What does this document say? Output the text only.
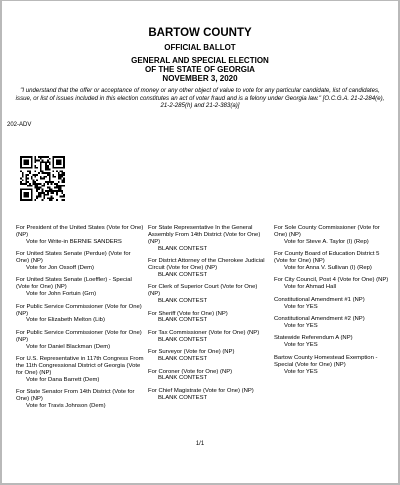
BARTOW COUNTY
OFFICIAL BALLOT
GENERAL AND SPECIAL ELECTION
OF THE STATE OF GEORGIA
NOVEMBER 3, 2020
"I understand that the offer or acceptance of money or any other object of value to vote for any particular candidate, list of candidates, issue, or list of issues included in this election constitutes an act of voter fraud and is a felony under Georgia law." [O.C.G.A. 21-2-284(e), 21-2-285(h) and 21-2-383(a)]
202-ADV
For President of the United States (Vote for One) (NP)
Vote for Write-in BERNIE SANDERS
For United States Senate (Perdue) (Vote for One) (NP)
Vote for Jon Ossoff (Dem)
For United States Senate (Loeffler) - Special (Vote for One) (NP)
Vote for John Fortuin (Grn)
For Public Service Commissioner (Vote for One) (NP)
Vote for Elizabeth Melton (Lib)
For Public Service Commissioner (Vote for One) (NP)
Vote for Daniel Blackman (Dem)
For U.S. Representative in 117th Congress From the 11th Congressional District of Georgia (Vote for One) (NP)
Vote for Dana Barrett (Dem)
For State Senator From 14th District (Vote for One) (NP)
Vote for Travis Johnson (Dem)
For State Representative In the General Assembly From 14th District (Vote for One) (NP)
BLANK CONTEST
For District Attorney of the Cherokee Judicial Circuit (Vote for One) (NP)
BLANK CONTEST
For Clerk of Superior Court (Vote for One) (NP)
BLANK CONTEST
For Sheriff (Vote for One) (NP)
BLANK CONTEST
For Tax Commissioner (Vote for One) (NP)
BLANK CONTEST
For Surveyor (Vote for One) (NP)
BLANK CONTEST
For Coroner (Vote for One) (NP)
BLANK CONTEST
For Chief Magistrate (Vote for One) (NP)
BLANK CONTEST
For Sole County Commissioner (Vote for One) (NP)
Vote for Steve A. Taylor (I) (Rep)
For County Board of Education District 5 (Vote for One) (NP)
Vote for Anna V. Sullivan (I) (Rep)
For City Council, Post 4 (Vote for One) (NP)
Vote for Ahmad Hall
Constitutional Amendment #1 (NP)
Vote for YES
Constitutional Amendment #2 (NP)
Vote for YES
Statewide Referendum A (NP)
Vote for YES
Bartow County Homestead Exemption - Special (Vote for One) (NP)
Vote for YES
1/1
